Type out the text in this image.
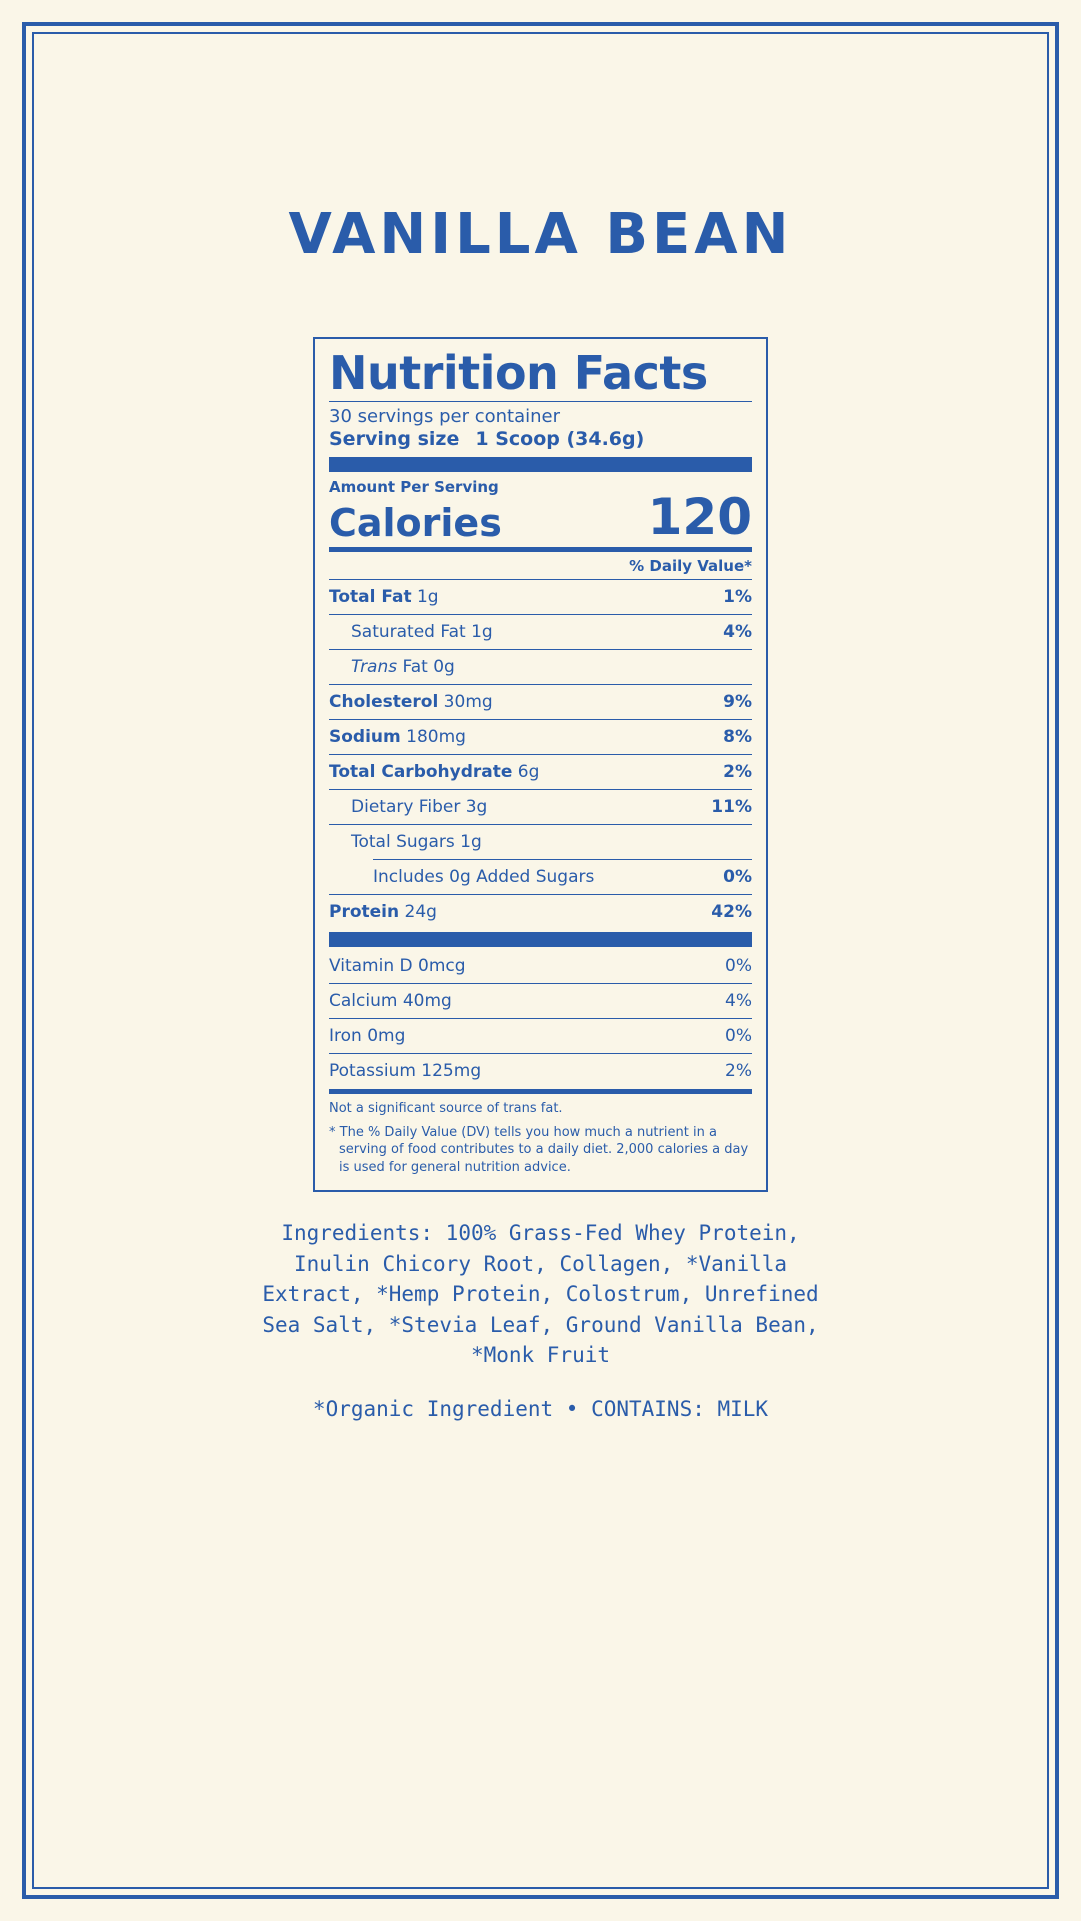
VANILLA BEAN
Nutrition Facts
30 servings per container
Serving size 1 Scoop (34.6g)
Amount Per Serving
Calories	120
% Daily Value*
Total Fat 1g	1%
Saturated Fat 1g	4%
Trans Fat 0g
Cholesterol 30mg	9%
Sodium 180mg	8%
Total Carbohydrate 6g	2%
Dietary Fiber 3g	11%
Total Sugars 1g
Includes 0g Added Sugars	0%
Protein 24g	42%
Vitamin D 0mcg	0%
Calcium 40mg	4%
Iron 0mg	0%
Potassium 125mg	2%
Not a significant source of trans fat.
* The % Daily Value (DV) tells you how much a nutrient in a serving of food contributes to a daily diet. 2,000 calories a day is used for general nutrition advice.
Ingredients: 100% Grass-Fed Whey Protein, Inulin Chicory Root, Collagen, *Vanilla Extract, *Hemp Protein, Colostrum, Unrefined Sea Salt, *Stevia Leaf, Ground Vanilla Bean, *Monk Fruit
*Organic Ingredient • CONTAINS: MILK
